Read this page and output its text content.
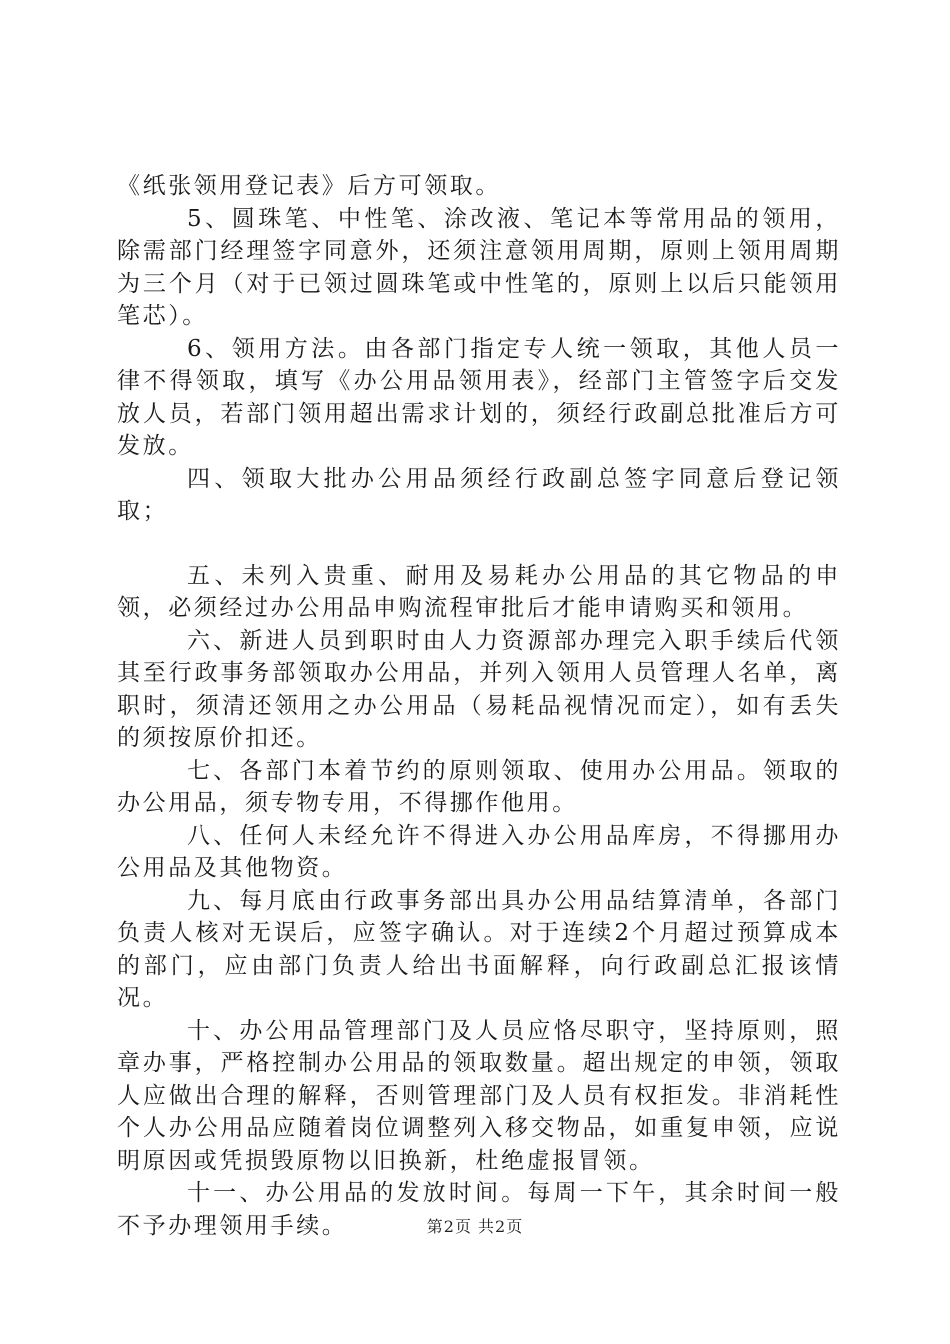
《纸张领用登记表》后方可领取。

5、圆珠笔、中性笔、涂改液、笔记本等常用品的领用，除需部门经理签字同意外，还须注意领用周期，原则上领用周期为三个月（对于已领过圆珠笔或中性笔的，原则上以后只能领用笔芯）。

6、领用方法。由各部门指定专人统一领取，其他人员一律不得领取，填写《办公用品领用表》，经部门主管签字后交发放人员，若部门领用超出需求计划的，须经行政副总批准后方可发放。

四、领取大批办公用品须经行政副总签字同意后登记领取；

五、未列入贵重、耐用及易耗办公用品的其它物品的申领，必须经过办公用品申购流程审批后才能申请购买和领用。

六、新进人员到职时由人力资源部办理完入职手续后代领其至行政事务部领取办公用品，并列入领用人员管理人名单，离职时，须清还领用之办公用品（易耗品视情况而定），如有丢失的须按原价扣还。

七、各部门本着节约的原则领取、使用办公用品。领取的办公用品，须专物专用，不得挪作他用。

八、任何人未经允许不得进入办公用品库房，不得挪用办公用品及其他物资。

九、每月底由行政事务部出具办公用品结算清单，各部门负责人核对无误后，应签字确认。对于连续2个月超过预算成本的部门，应由部门负责人给出书面解释，向行政副总汇报该情况。

十、办公用品管理部门及人员应恪尽职守，坚持原则，照章办事，严格控制办公用品的领取数量。超出规定的申领，领取人应做出合理的解释，否则管理部门及人员有权拒发。非消耗性个人办公用品应随着岗位调整列入移交物品，如重复申领，应说明原因或凭损毁原物以旧换新，杜绝虚报冒领。

十一、办公用品的发放时间。每周一下午，其余时间一般不予办理领用手续。	第2页 共2页
